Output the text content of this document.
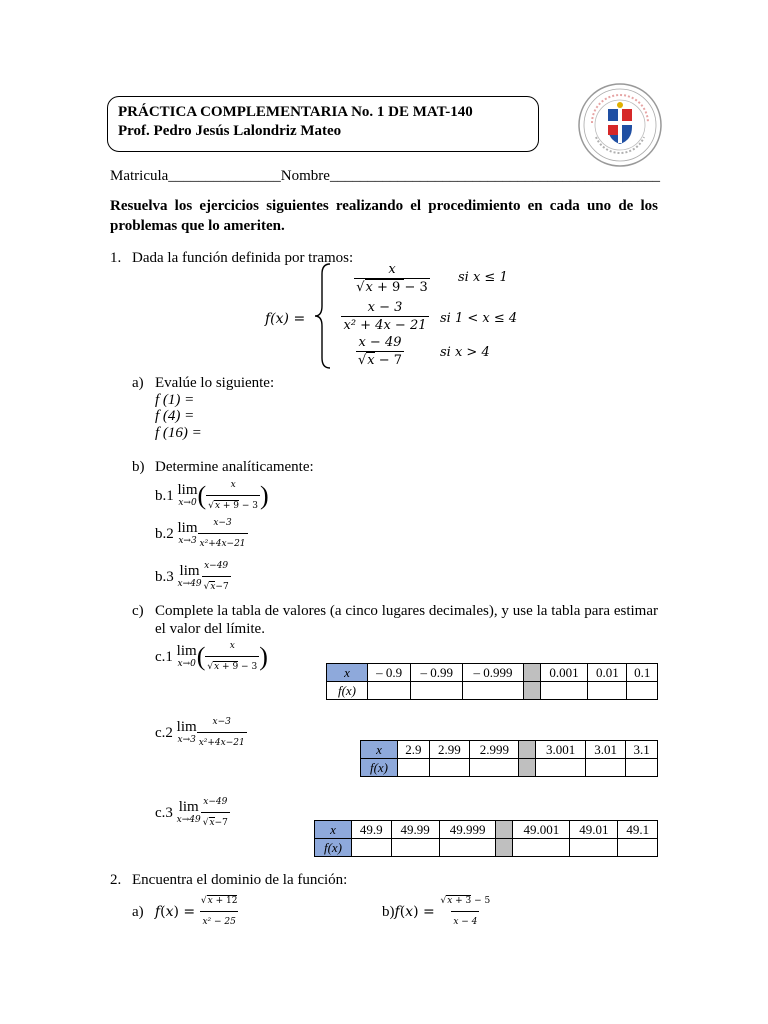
PRÁCTICA COMPLEMENTARIA No. 1 DE MAT-140
Prof. Pedro Jesús Lalondriz Mateo
Matricula_______________Nombre____________________________________________
Resuelva los ejercicios siguientes realizando el procedimiento en cada uno de los problemas que lo ameriten.
1. Dada la función definida por tramos:
f(x) =
$\frac{x}{√x + 9 - 3}$ si x ≤ 1
$\frac{x - 3}{\text{x² + 4x − 21}}$ si 1 < x ≤ 4
$\frac{x - 49}{√x - 7}$	si x > 4
a) Evalúe lo siguiente:
f (1) =
f (4) =
f (16) =
b) Determine analíticamente:
b.1
lim
x→0 ( $\frac{x}{√x + 9 - 3}$ )
b.2
lim
$x\to 3 \frac{x-3}{\text{x²+4x−21}}$
b.3
lim
$x\to 49 \frac{x-49}{√x-7}$
c) Complete la tabla de valores (a cinco lugares decimales), y use la tabla para estimar el valor del límite.
c.1
lim
x→0 ( $\frac{x}{√x + 9 - 3}$ )
x	– 0.9	– 0.99	– 0.999		0.001	0.01	0.1
f(x)							
c.2
lim
$x\to 3 \frac{x-3}{\text{x²+4x−21}}$	x	2.9	2.99	2.999		3.001	3.01	3.1
f(x)							
c.3
lim
$x\to 49 \frac{x-49}{√x-7}$	x	49.9	49.99	49.999		49.001	49.01	49.1
f(x)							
2. Encuentra el dominio de la función:
a)
f ( x ) =
$\frac{√x + 12}{\text{x² − 25}}$	b) f ( x ) =
$\frac{√x + 3 - 5}{x - 4}$
